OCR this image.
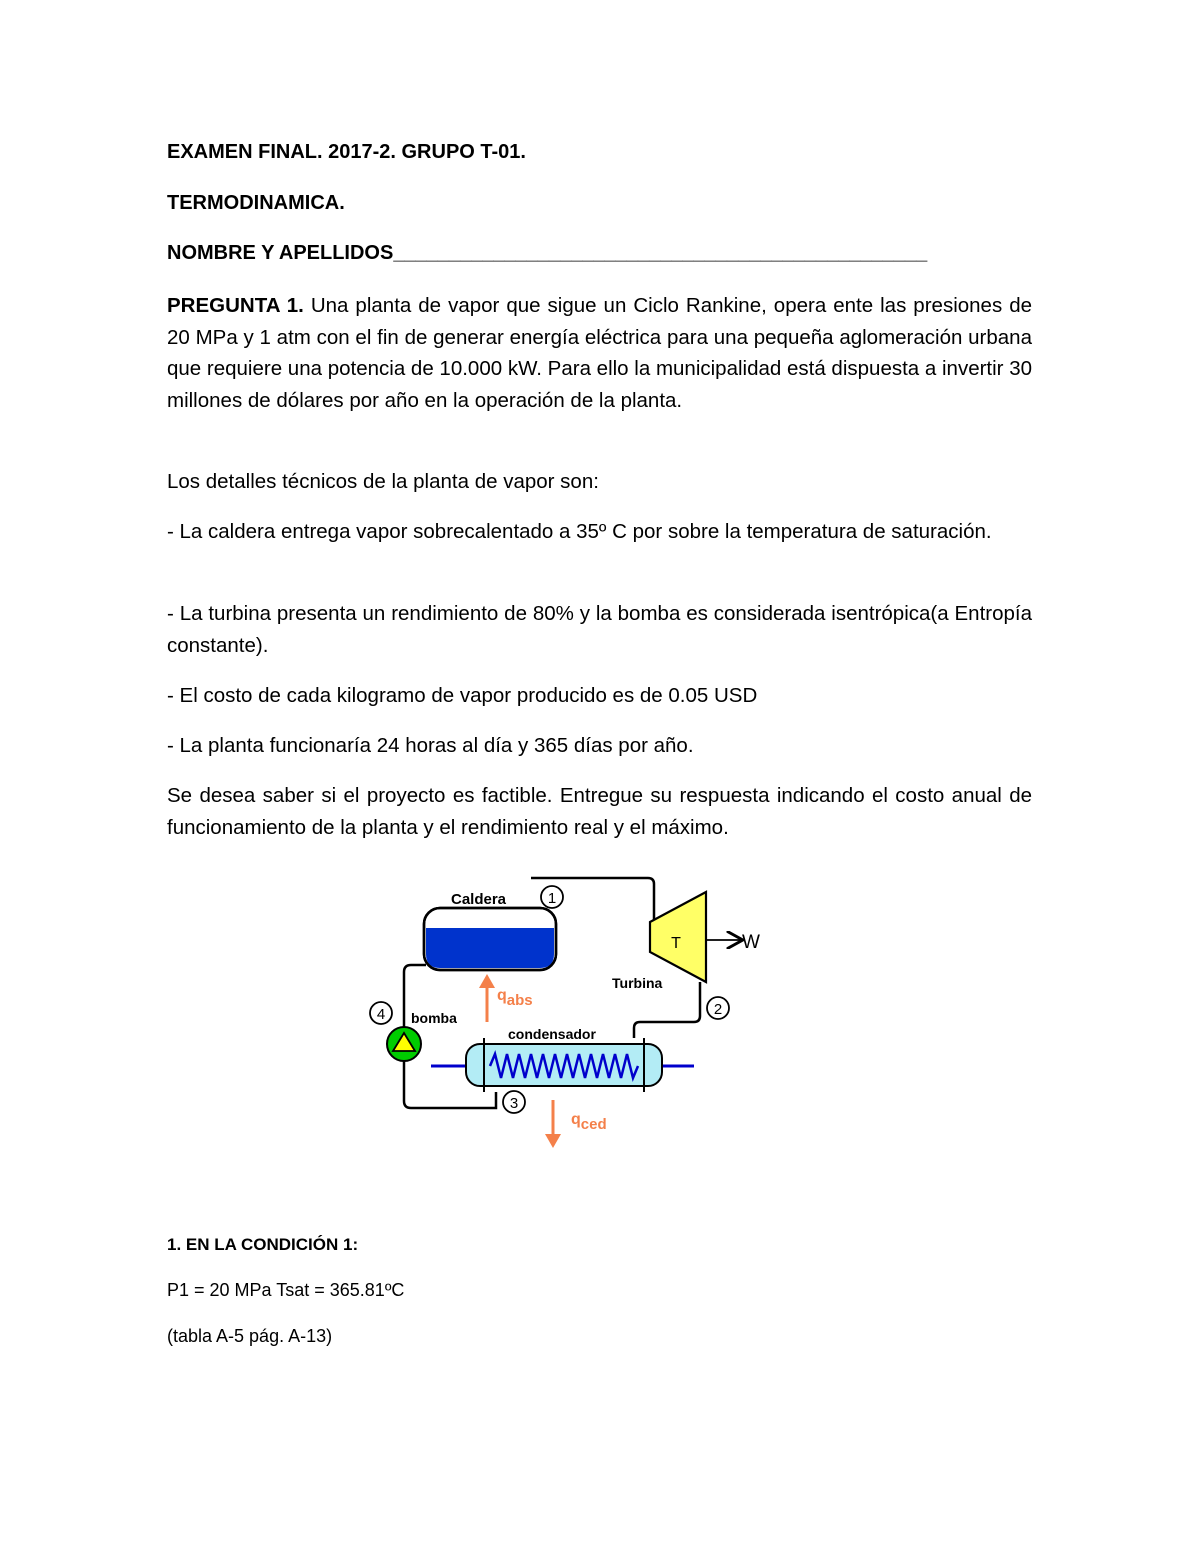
EXAMEN FINAL. 2017-2. GRUPO T-01.
TERMODINAMICA.
NOMBRE Y APELLIDOS________________________________________________
PREGUNTA 1. Una planta de vapor que sigue un Ciclo Rankine, opera ente las presiones de 20 MPa y 1 atm con el fin de generar energía eléctrica para una pequeña aglomeración urbana que requiere una potencia de 10.000 kW. Para ello la municipalidad está dispuesta a invertir 30 millones de dólares por año en la operación de la planta.
Los detalles técnicos de la planta de vapor son:
- La caldera entrega vapor sobrecalentado a 35º C por sobre la temperatura de saturación.
- La turbina presenta un rendimiento de 80% y la bomba es considerada isentrópica(a Entropía constante).
- El costo de cada kilogramo de vapor producido es de 0.05 USD
- La planta funcionaría 24 horas al día y 365 días por año.
Se desea saber si el proyecto es factible. Entregue su respuesta indicando el costo anual de funcionamiento de la planta y el rendimiento real y el máximo.
1. EN LA CONDICIÓN 1:
P1 = 20 MPa Tsat = 365.81ºC
(tabla A-5 pág. A-13)
Caldera	1
T	W
Turbina
2
qabs
4 bomba
condensador
3
qced
